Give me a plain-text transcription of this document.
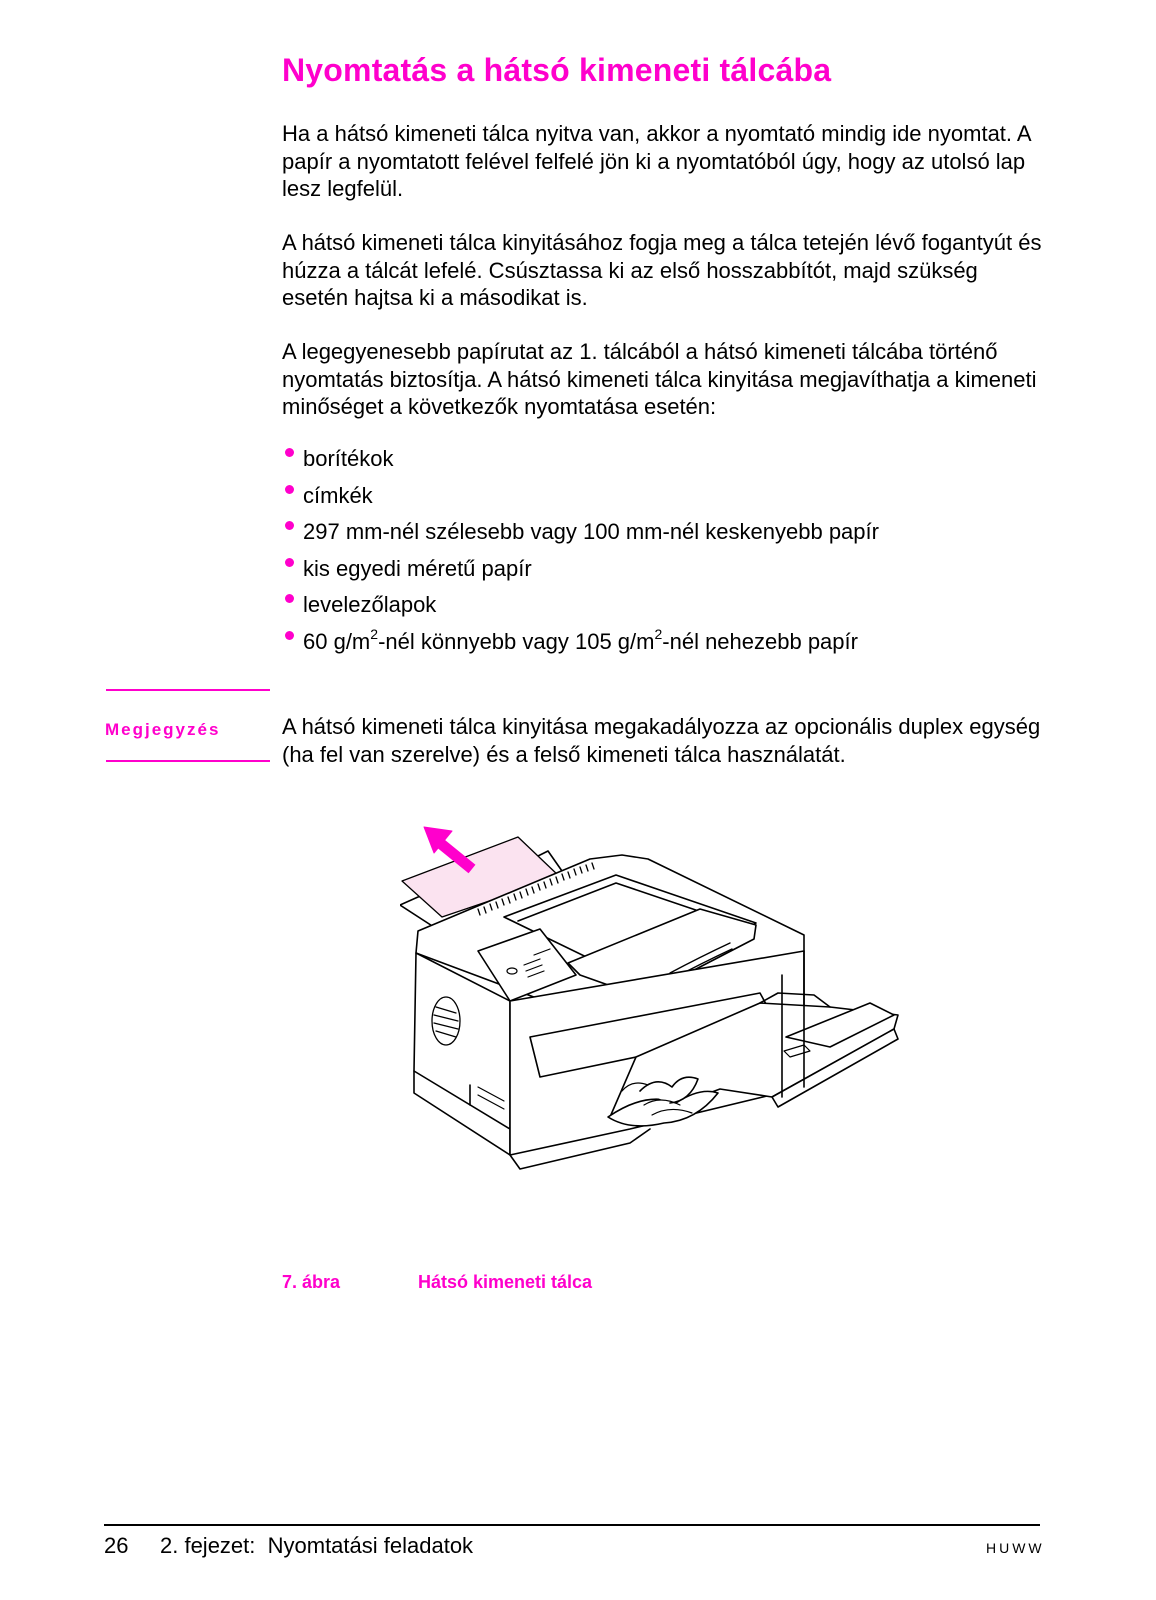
Nyomtatás a hátsó kimeneti tálcába

Ha a hátsó kimeneti tálca nyitva van, akkor a nyomtató mindig ide nyomtat. A papír a nyomtatott felével felfelé jön ki a nyomtatóból úgy, hogy az utolsó lap lesz legfelül.

A hátsó kimeneti tálca kinyitásához fogja meg a tálca tetején lévő fogantyút és húzza a tálcát lefelé. Csúsztassa ki az első hosszabbítót, majd szükség esetén hajtsa ki a másodikat is.

A legegyenesebb papírutat az 1. tálcából a hátsó kimeneti tálcába történő nyomtatás biztosítja. A hátsó kimeneti tálca kinyitása megjavíthatja a kimeneti minőséget a következők nyomtatása esetén:

borítékok
címkék
297 mm-nél szélesebb vagy 100 mm-nél keskenyebb papír
kis egyedi méretű papír
levelezőlapok
60 $g/m^2$-nél könnyebb vagy 105 $g/m^2$-nél nehezebb papír
Megjegyzés	A hátsó kimeneti tálca kinyitása megakadályozza az opcionális duplex egység (ha fel van szerelve) és a felső kimeneti tálca használatát.

7. ábra	Hátsó kimeneti tálca
26 2. fejezet:  Nyomtatási feladatok	HUWW
